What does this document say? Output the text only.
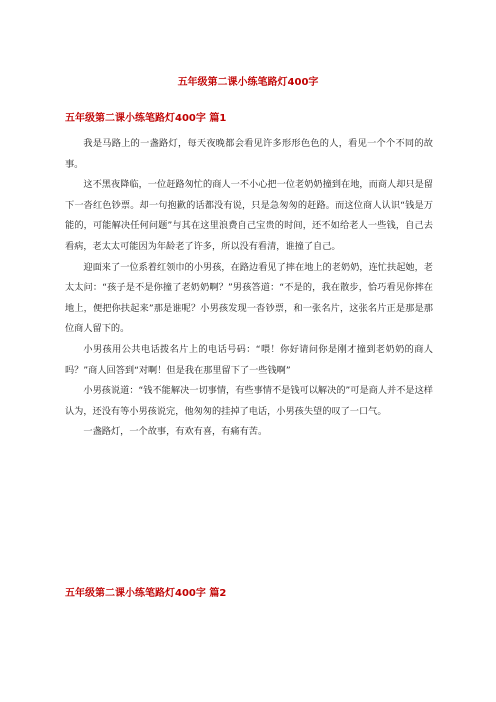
五年级第二课小练笔路灯400字
五年级第二课小练笔路灯400字 篇1

我是马路上的一盏路灯，每天夜晚都会看见许多形形色色的人，看见一个个不同的故事。

这不黑夜降临，一位赶路匆忙的商人一不小心把一位老奶奶撞到在地，而商人却只是留下一沓红色钞票。却一句抱歉的话都没有说，只是急匆匆的赶路。而这位商人认识“钱是万能的，可能解决任何问题”与其在这里浪费自己宝贵的时间，还不如给老人一些钱，自己去看病，老太太可能因为年龄老了许多，所以没有看清，谁撞了自己。

迎面来了一位系着红领巾的小男孩，在路边看见了摔在地上的老奶奶，连忙扶起她，老太太问：“孩子是不是你撞了老奶奶啊？”男孩答道：“不是的，我在散步，恰巧看见你摔在地上，便把你扶起来”那是谁呢？小男孩发现一沓钞票，和一张名片，这张名片正是那是那位商人留下的。

小男孩用公共电话拨名片上的电话号码：“喂！你好请问你是刚才撞到老奶奶的商人吗？”商人回答到“对啊！但是我在那里留下了一些钱啊”

小男孩说道：“钱不能解决一切事情，有些事情不是钱可以解决的”可是商人并不是这样认为，还没有等小男孩说完，他匆匆的挂掉了电话，小男孩失望的叹了一口气。

一盏路灯，一个故事，有欢有喜，有痛有苦。

五年级第二课小练笔路灯400字 篇2
